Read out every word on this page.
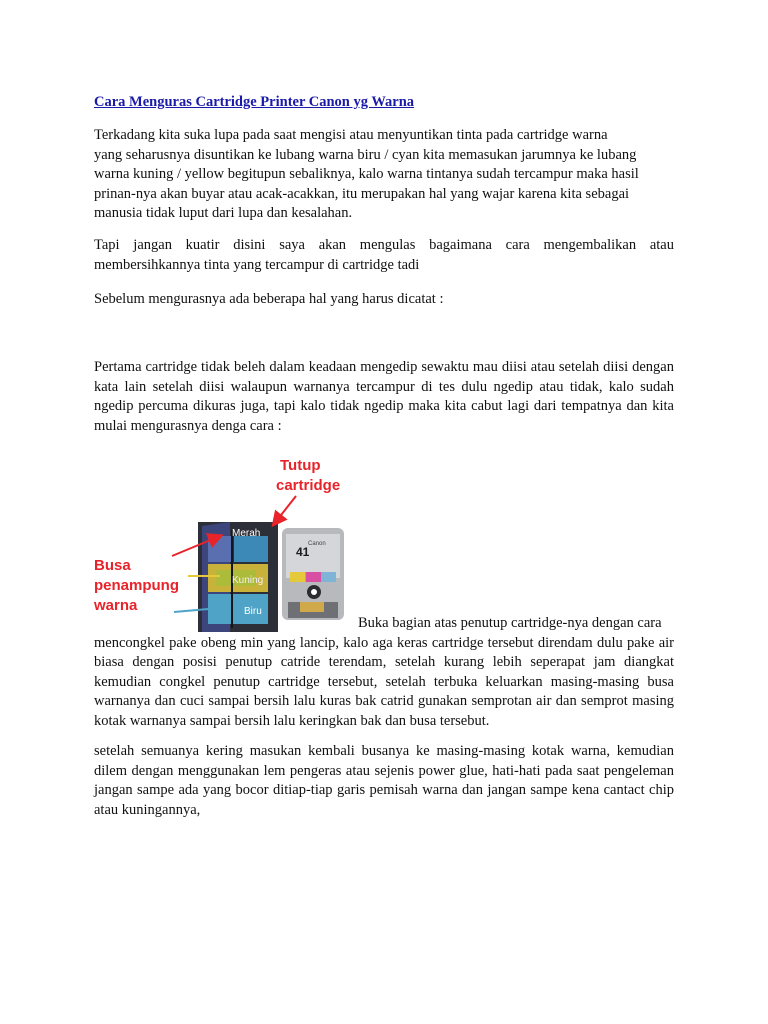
Cara Menguras Cartridge Printer Canon yg Warna

Terkadang kita suka lupa pada saat mengisi atau menyuntikan tinta pada cartridge warna
yang seharusnya disuntikan ke lubang warna biru / cyan kita memasukan jarumnya ke lubang
warna kuning / yellow begitupun sebaliknya, kalo warna tintanya sudah tercampur maka hasil
prinan-nya akan buyar atau acak-acakkan, itu merupakan hal yang wajar karena kita sebagai
manusia tidak luput dari lupa dan kesalahan.

Tapi jangan kuatir disini saya akan mengulas bagaimana cara mengembalikan atau membersihkannya tinta yang tercampur di cartridge tadi

Sebelum mengurasnya ada beberapa hal yang harus dicatat :

Pertama cartridge tidak beleh dalam keadaan mengedip sewaktu mau diisi atau setelah diisi dengan kata lain setelah diisi walaupun warnanya tercampur di tes dulu ngedip atau tidak, kalo sudah ngedip percuma dikuras juga, tapi kalo tidak ngedip maka kita cabut lagi dari tempatnya dan kita mulai mengurasnya denga cara :

41
Canon
Tutup
cartridge
Merah
Kuning
Biru
Busa
penampung
warna

Buka bagian atas penutup cartridge-nya dengan cara
mencongkel pake obeng min yang lancip, kalo aga keras cartridge tersebut direndam dulu pake air biasa dengan posisi penutup catride terendam, setelah kurang lebih seperapat jam diangkat kemudian congkel penutup cartridge tersebut, setelah terbuka keluarkan masing-masing busa warnanya dan cuci sampai bersih lalu kuras bak catrid gunakan semprotan air dan semprot masing kotak warnanya sampai bersih lalu keringkan bak dan busa tersebut.

setelah semuanya kering masukan kembali busanya ke masing-masing kotak warna, kemudian dilem dengan menggunakan lem pengeras atau sejenis power glue, hati-hati pada saat pengeleman jangan sampe ada yang bocor ditiap-tiap garis pemisah warna dan jangan sampe kena cantact chip atau kuningannya,
